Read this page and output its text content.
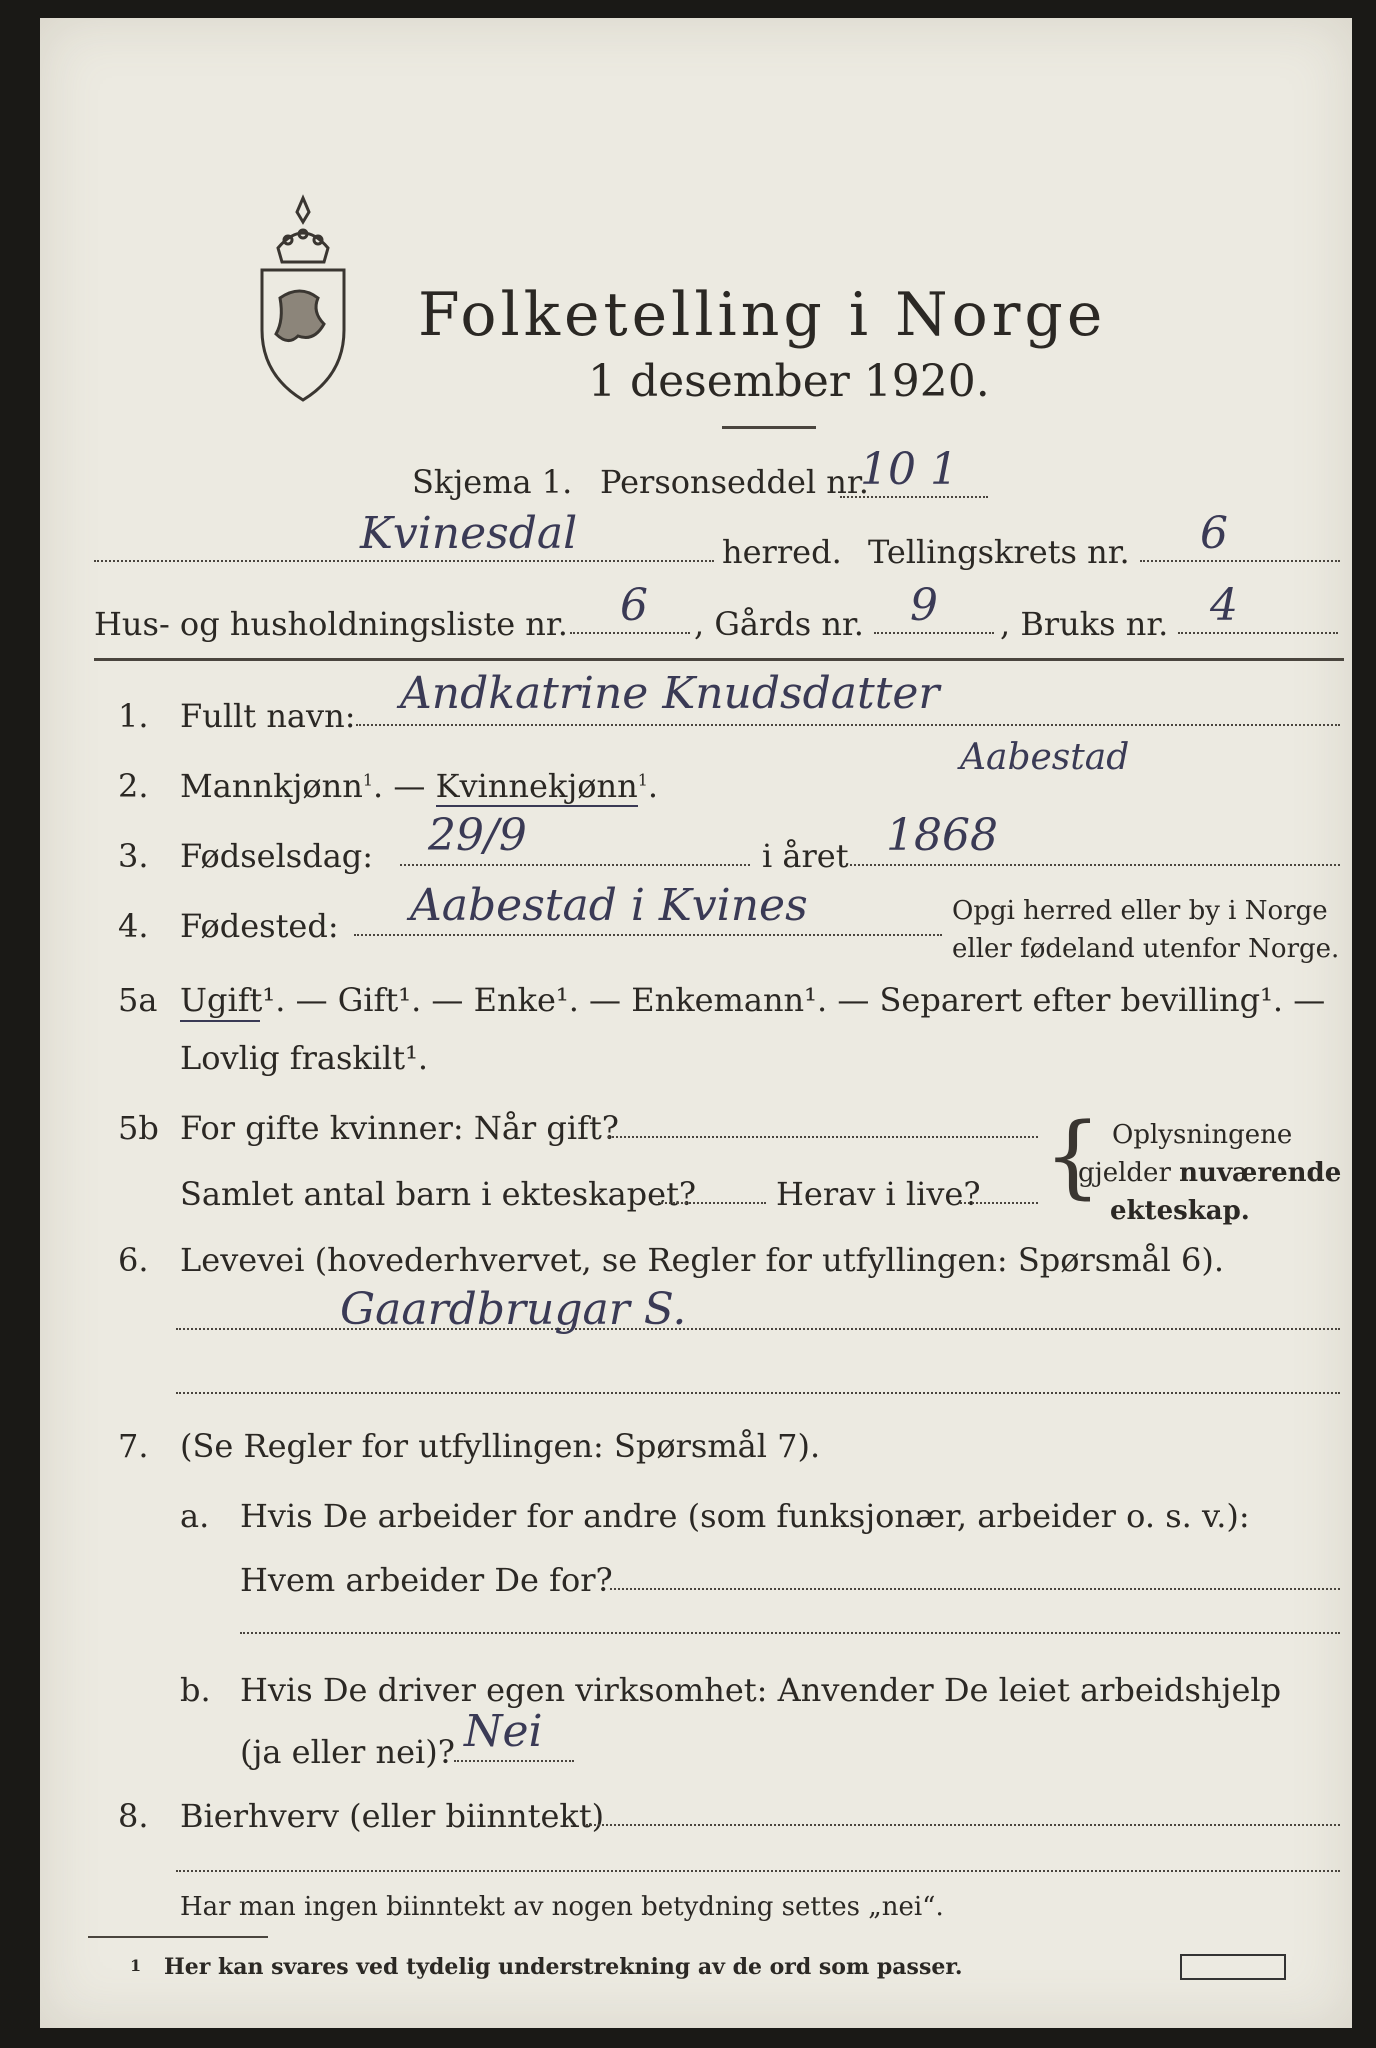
Folketelling i Norge
1 desember 1920.
Skjema 1. Personseddel nr.
10 1
Kvinesdal	herred. Tellingskrets nr. 6
Hus- og husholdningsliste nr. 6 , Gårds nr. 9 , Bruks nr. 4
1. Fullt navn: Andkatrine Knudsdatter
Aabestad
2. Mannkjønn$^1$. — Kvinnekjønn$^1$.
3. Fødselsdag: 29/9	i året 1868
4. Fødested: Aabestad i Kvines	Opgi herred eller by i Norge
eller fødeland utenfor Norge.
5a Ugift¹. — Gift¹. — Enke¹. — Enkemann¹. — Separert efter bevilling¹. —
Lovlig fraskilt¹.
5b For gifte kvinner: Når gift?
Samlet antal barn i ekteskapet? Herav i live? { Oplysningene
gjelder nuværende
ekteskap.
6. Levevei (hovederhvervet, se Regler for utfyllingen: Spørsmål 6).
Gaardbrugar S.
7. (Se Regler for utfyllingen: Spørsmål 7).
a. Hvis De arbeider for andre (som funksjonær, arbeider o. s. v.):
Hvem arbeider De for?
b. Hvis De driver egen virksomhet: Anvender De leiet arbeidshjelp
(ja eller nei)? Nei
8. Bierhverv (eller biinntekt)
Har man ingen biinntekt av nogen betydning settes „nei“.
1 Her kan svares ved tydelig understrekning av de ord som passer.
